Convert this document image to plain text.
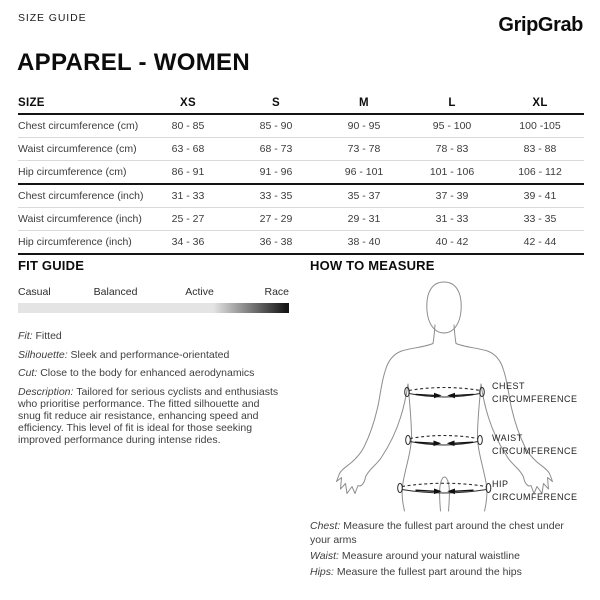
SIZE GUIDE	GripGrab
APPAREL - WOMEN
SIZE	XS	S	M	L	XL
Chest circumference (cm)	80 - 85	85 - 90	90 - 95	95 - 100	100 -105
Waist circumference (cm)	63 - 68	68 - 73	73 - 78	78 - 83	83 - 88
Hip circumference (cm)	86 - 91	91 - 96	96 - 101	101 - 106	106 - 112
Chest circumference (inch)	31 - 33	33 - 35	35 - 37	37 - 39	39 - 41
Waist circumference (inch)	25 - 27	27 - 29	29 - 31	31 - 33	33 - 35
Hip circumference (inch)	34 - 36	36 - 38	38 - 40	40 - 42	42 - 44
FIT GUIDE
Casual	Balanced	Active	Race

Fit: Fitted

Silhouette: Sleek and performance-orientated

Cut: Close to the body for enhanced aerodynamics

Description: Tailored for serious cyclists and enthusiasts who prioritise performance. The fitted silhouette and snug fit reduce air resistance, enhancing speed and efficiency. This level of fit is ideal for those seeking improved performance during intense rides.

HOW TO MEASURE
CHEST
CIRCUMFERENCE
WAIST
CIRCUMFERENCE
HIP
CIRCUMFERENCE

Chest: Measure the fullest part around the chest under your arms

Waist: Measure around your natural waistline

Hips: Measure the fullest part around the hips
